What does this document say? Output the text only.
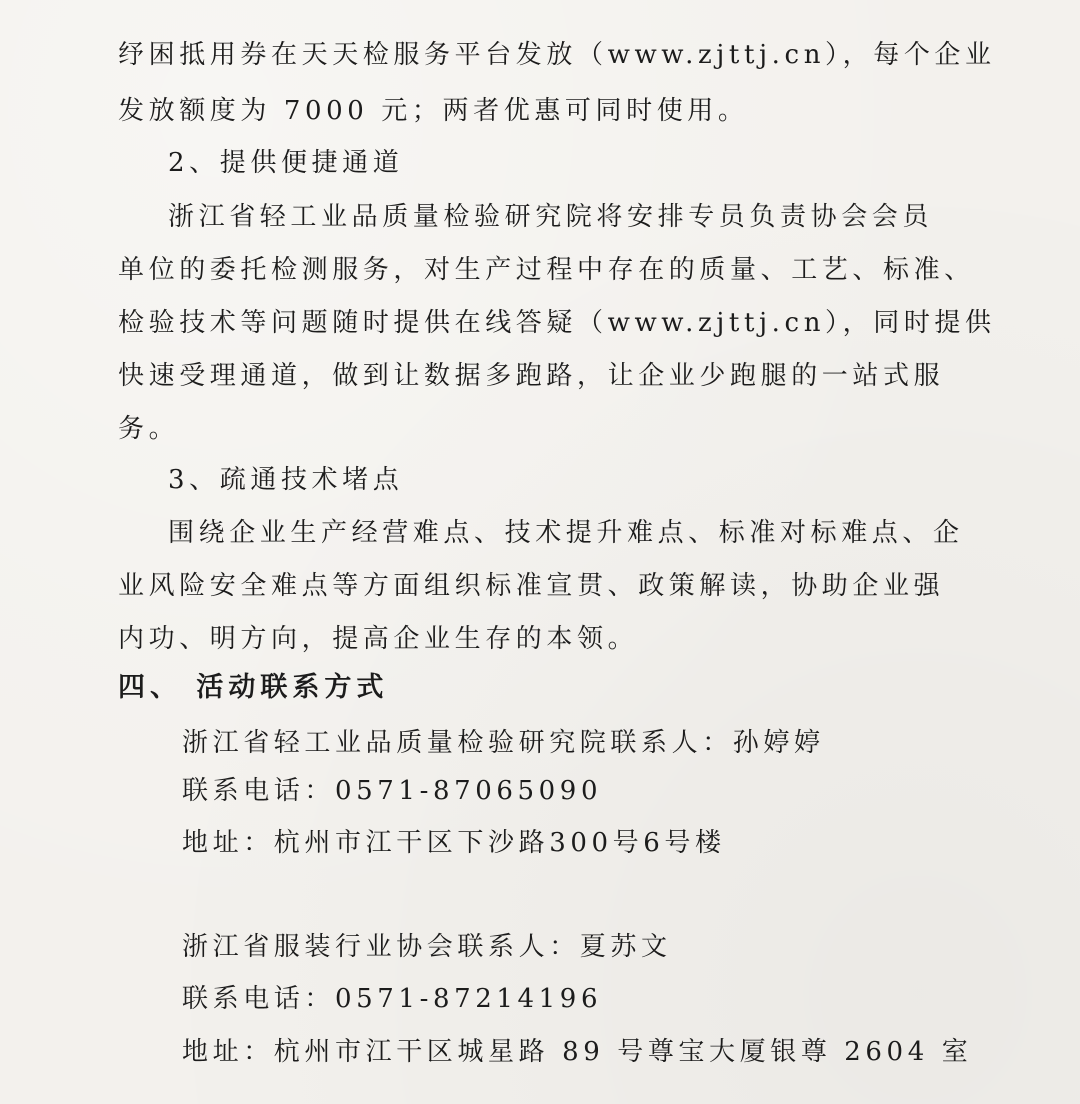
纾困抵用券在天天检服务平台发放（www.zjttj.cn），每个企业
发放额度为 7000 元；两者优惠可同时使用。
2、提供便捷通道
浙江省轻工业品质量检验研究院将安排专员负责协会会员
单位的委托检测服务，对生产过程中存在的质量、工艺、标准、
检验技术等问题随时提供在线答疑（www.zjttj.cn），同时提供
快速受理通道，做到让数据多跑路，让企业少跑腿的一站式服
务。
3、疏通技术堵点
围绕企业生产经营难点、技术提升难点、标准对标难点、企
业风险安全难点等方面组织标准宣贯、政策解读，协助企业强
内功、明方向，提高企业生存的本领。
四、 活动联系方式
浙江省轻工业品质量检验研究院联系人：孙婷婷
联系电话：0571-87065090
地址：杭州市江干区下沙路300号6号楼
浙江省服装行业协会联系人：夏苏文
联系电话：0571-87214196
地址：杭州市江干区城星路 89 号尊宝大厦银尊 2604 室
